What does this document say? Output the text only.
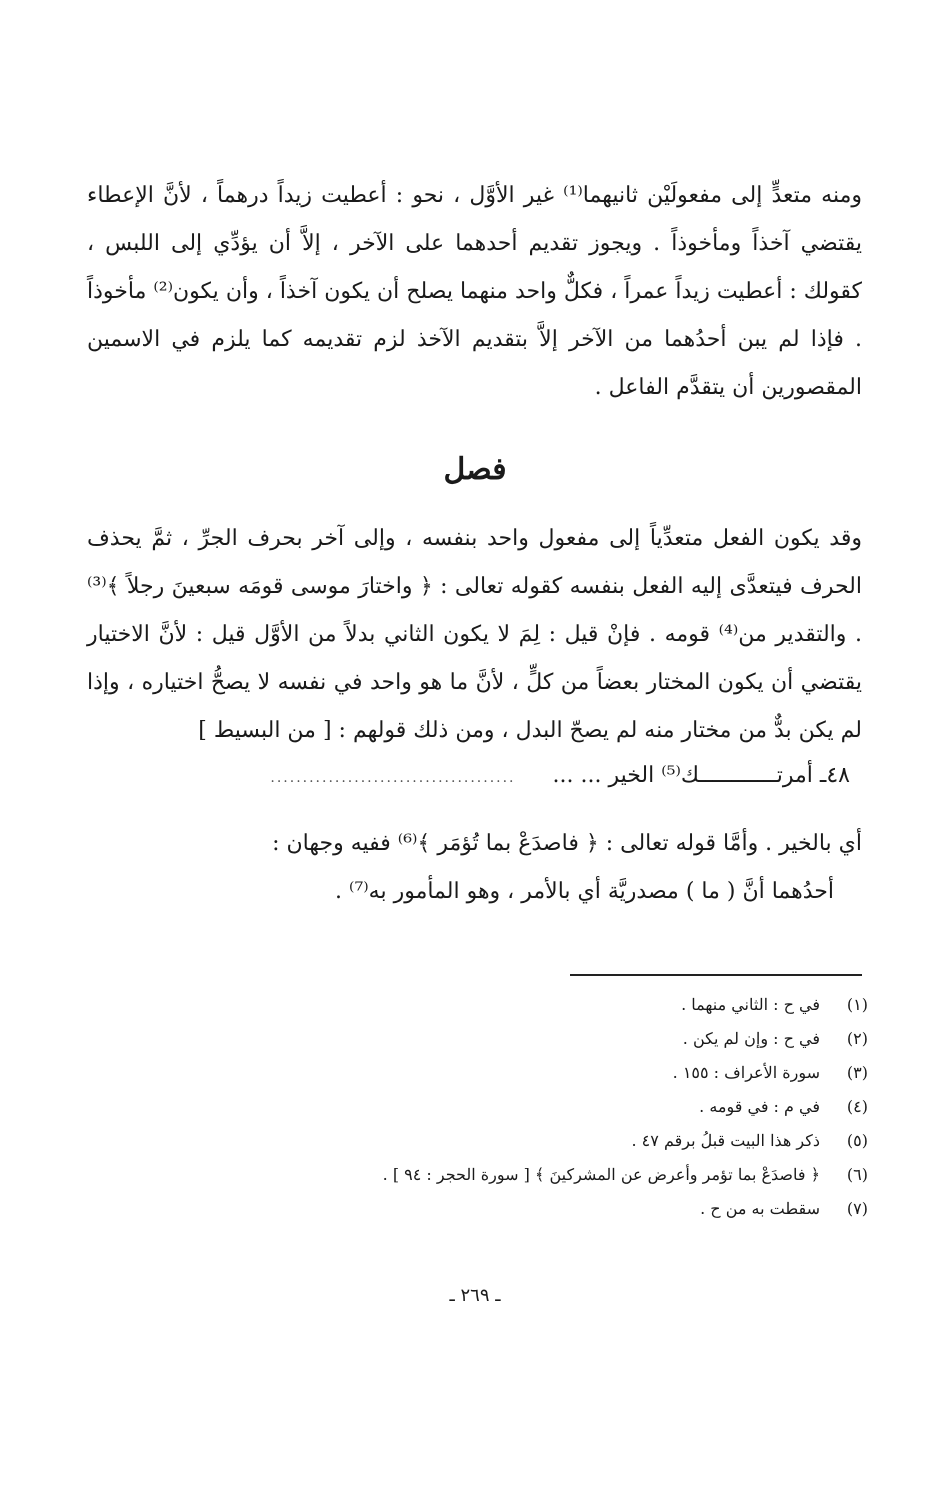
ومنه متعدٍّ إلى مفعولَيْن ثانيهما⁽¹⁾ غير الأوَّل ، نحو : أعطيت زيداً درهماً ، لأنَّ الإعطاء يقتضي آخذاً ومأخوذاً . ويجوز تقديم أحدهما على الآخر ، إلاَّ أن يؤدِّي إلى اللبس ، كقولك : أعطيت زيداً عمراً ، فكلٌّ واحد منهما يصلح أن يكون آخذاً ، وأن يكون⁽²⁾ مأخوذاً . فإذا لم يبن أحدُهما من الآخر إلاَّ بتقديم الآخذ لزم تقديمه كما يلزم في الاسمين المقصورين أن يتقدَّم الفاعل .

فصل

وقد يكون الفعل متعدِّياً إلى مفعول واحد بنفسه ، وإلى آخر بحرف الجرِّ ، ثمَّ يحذف الحرف فيتعدَّى إليه الفعل بنفسه كقوله تعالى : ﴿ واختارَ موسى قومَه سبعينَ رجلاً ﴾⁽³⁾ . والتقدير من⁽⁴⁾ قومه . فإنْ قيل : لِمَ لا يكون الثاني بدلاً من الأوَّل قيل : لأنَّ الاختيار يقتضي أن يكون المختار بعضاً من كلٍّ ، لأنَّ ما هو واحد في نفسه لا يصحُّ اختياره ، وإذا لم يكن بدٌّ من مختار منه لم يصحّ البدل ، ومن ذلك قولهم : [ من البسيط ]

٤٨ـ أمرتــــــــــــك⁽⁵⁾ الخير ... ... ......................................
أي بالخير . وأمَّا قوله تعالى : ﴿ فاصدَعْ بما تُؤمَر ﴾⁽⁶⁾ ففيه وجهان :
أحدُهما أنَّ ( ما ) مصدريَّة أي بالأمر ، وهو المأمور به⁽⁷⁾ .
(١)
في ح : الثاني منهما .
(٢)
في ح : وإن لم يكن .
(٣)
سورة الأعراف : ١٥٥ .
(٤)
في م : في قومه .
(٥)
ذكر هذا البيت قبلُ برقم ٤٧ .
(٦)
﴿ فاصدَعْ بما تؤمر وأعرض عن المشركينَ ﴾ [ سورة الحجر : ٩٤ ] .
(٧)
سقطت به من ح .
ـ ٢٦٩ ـ
